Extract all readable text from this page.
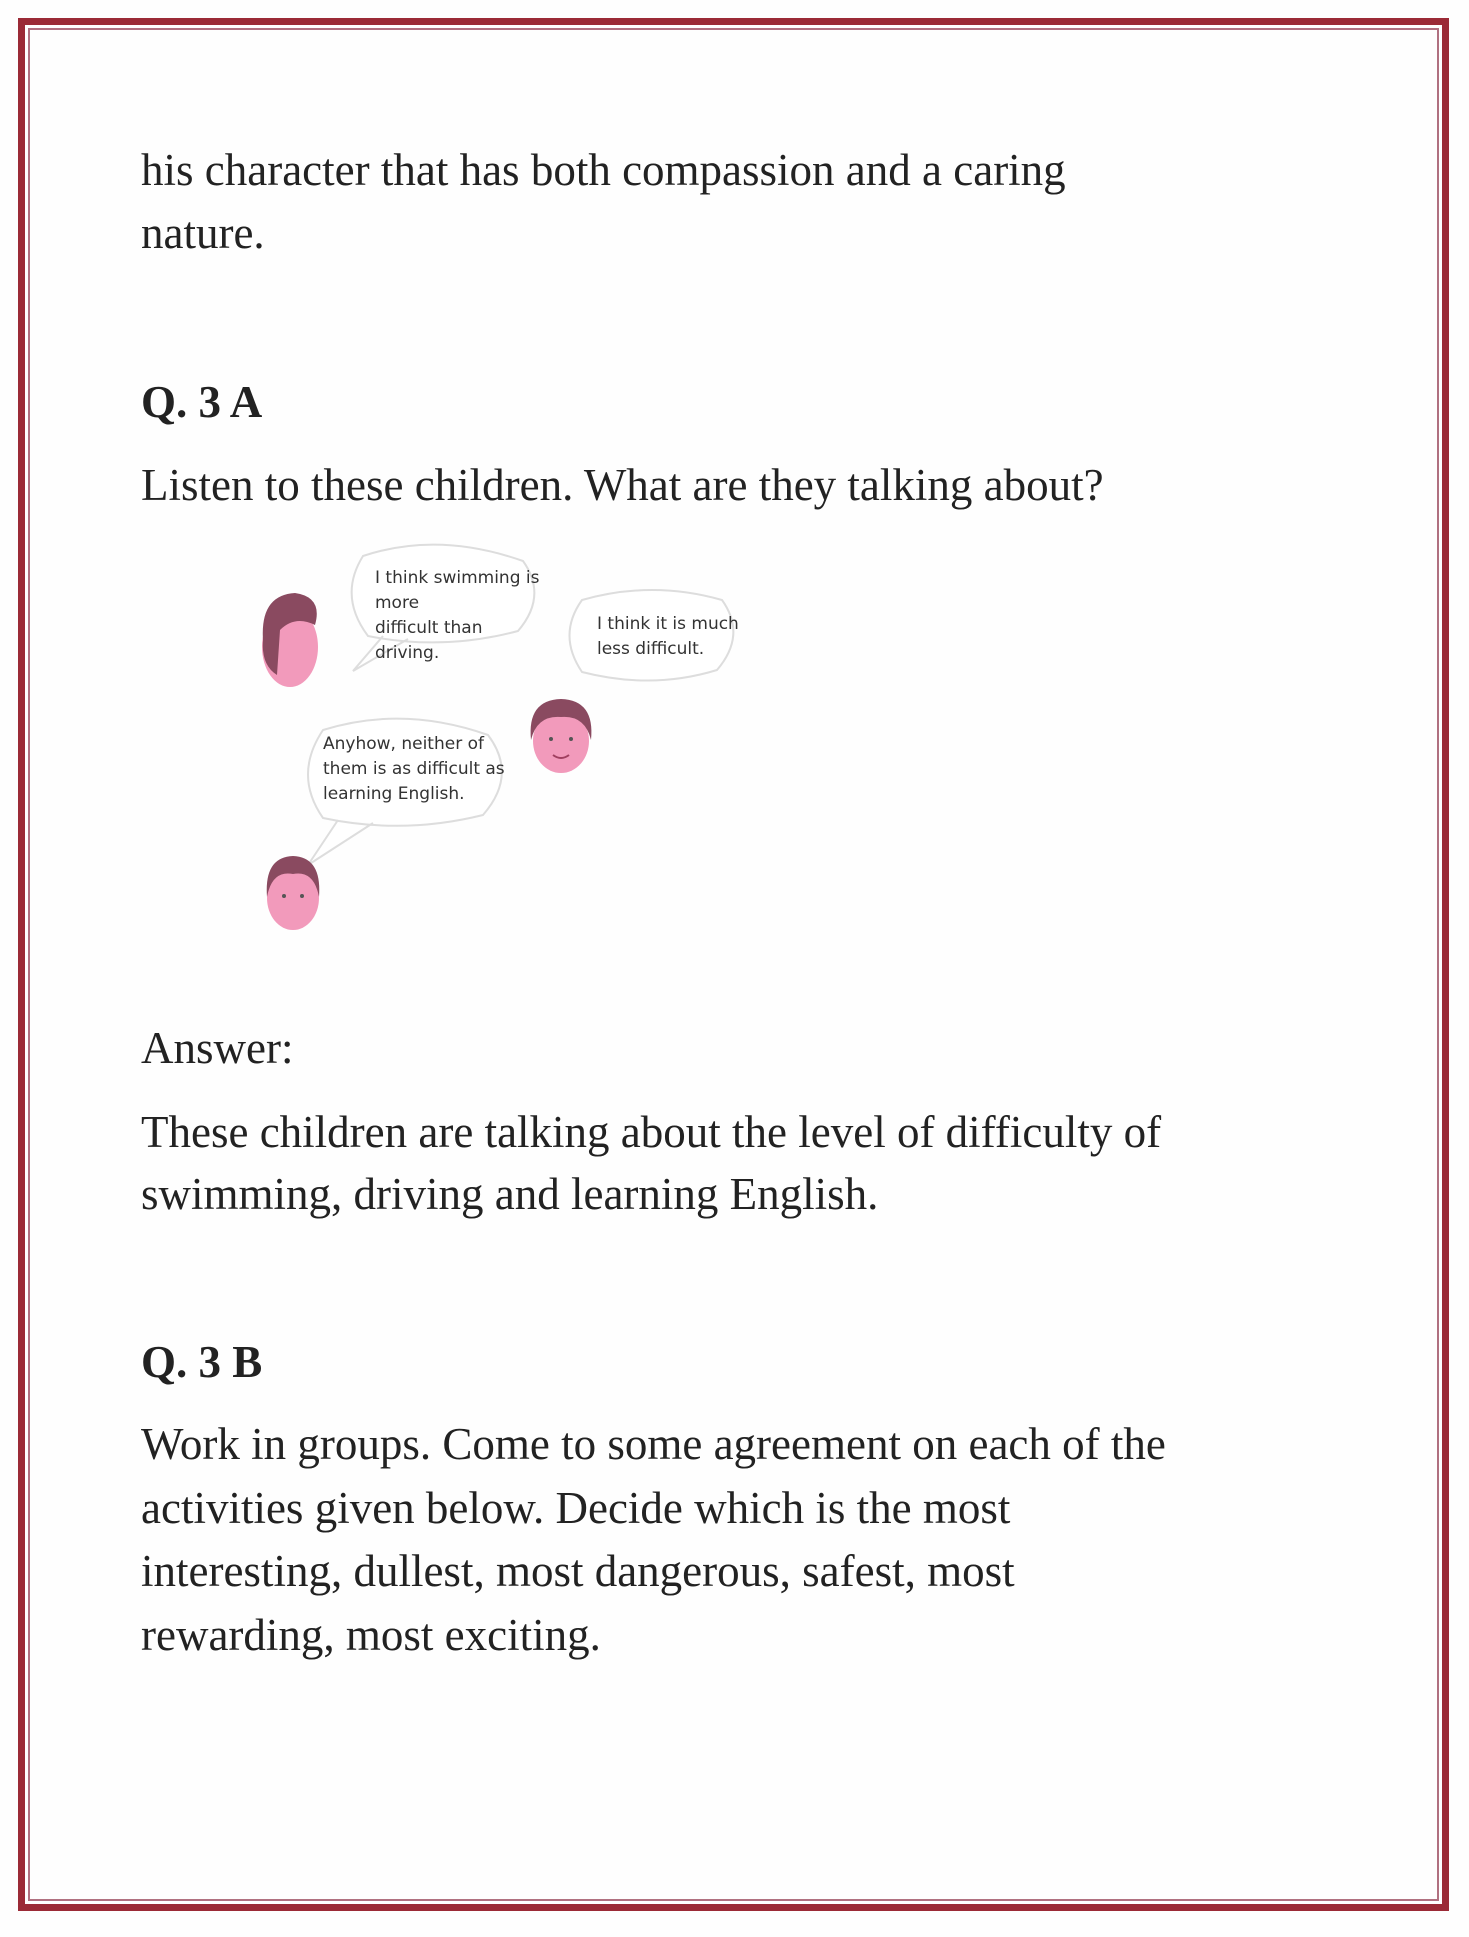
his character that has both compassion and a caring
nature.
Q. 3 A
Listen to these children. What are they talking about?
I think swimming is more
difficult than driving.
I think it is much
less difficult.
Anyhow, neither of
them is as difficult as
learning English.
Answer:
These children are talking about the level of difficulty of
swimming, driving and learning English.
Q. 3 B
Work in groups. Come to some agreement on each of the
activities given below. Decide which is the most
interesting, dullest, most dangerous, safest, most
rewarding, most exciting.
